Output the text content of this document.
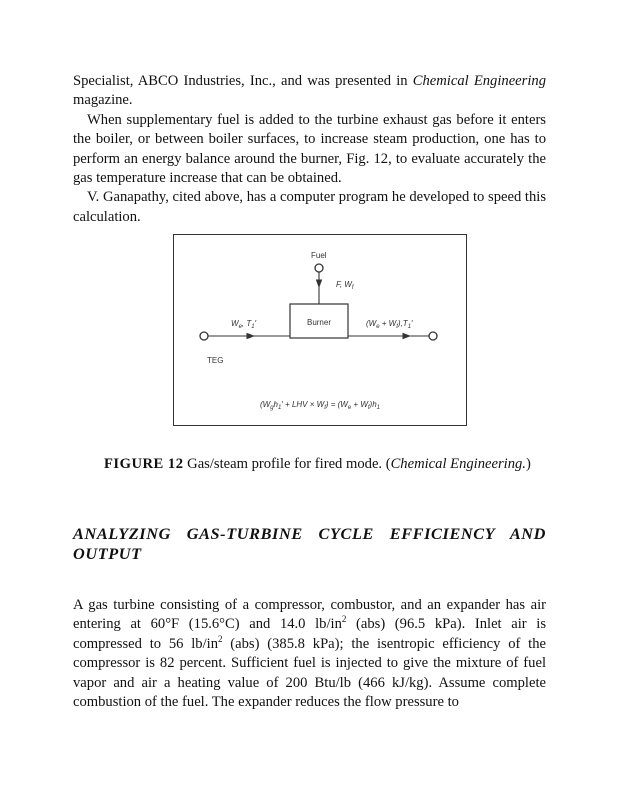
Specialist, ABCO Industries, Inc., and was presented in Chemical Engineering magazine.

When supplementary fuel is added to the turbine exhaust gas before it enters the boiler, or between boiler surfaces, to increase steam production, one has to perform an energy balance around the burner, Fig. 12, to evaluate accurately the gas temperature increase that can be obtained.

V. Ganapathy, cited above, has a computer program he developed to speed this calculation.

Fuel
F, $W_f$
Burner
$W_e$, $T_1'$
TEG
$(W_e + W_f),T_1'$
($W_gh_1'$ + LHV × $W_f) = (W_e + W_f)h_1$

FIGURE 12 Gas/steam profile for fired mode. (Chemical Engineering.)

ANALYZING GAS-TURBINE CYCLE EFFICIENCY AND OUTPUT

A gas turbine consisting of a compressor, combustor, and an expander has air entering at 60°F (15.6°C) and 14.0 $lb/in^2$ (abs) (96.5 kPa). Inlet air is compressed to 56 $lb/in^2$ (abs) (385.8 kPa); the isentropic efficiency of the compressor is 82 percent. Sufficient fuel is injected to give the mixture of fuel vapor and air a heating value of 200 Btu/lb (466 kJ/kg). Assume complete combustion of the fuel. The expander reduces the flow pressure to
